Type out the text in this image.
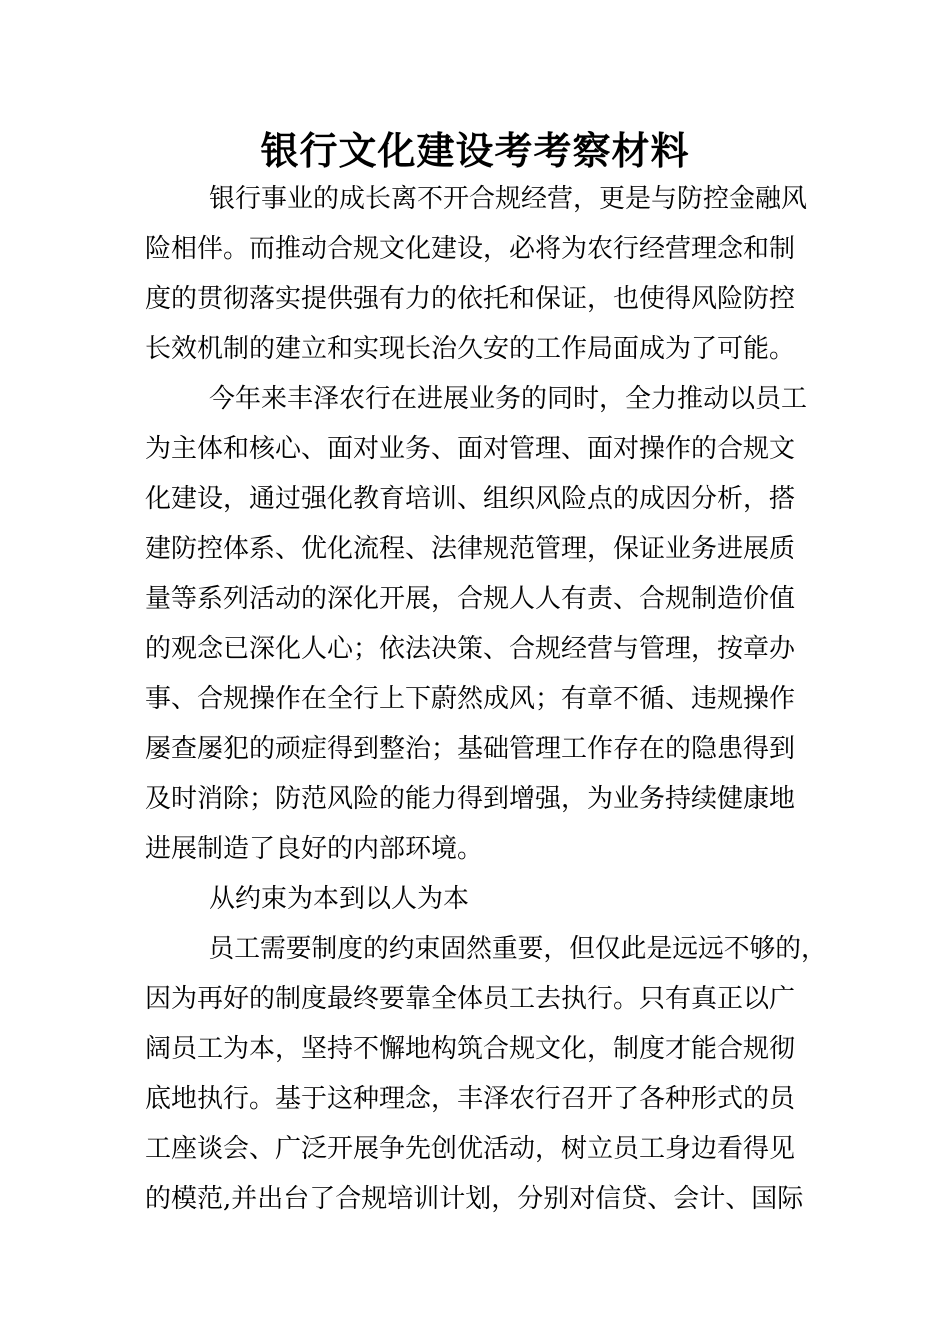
银行文化建设考考察材料
银行事业的成长离不开合规经营，更是与防控金融风
险相伴。而推动合规文化建设，必将为农行经营理念和制
度的贯彻落实提供强有力的依托和保证，也使得风险防控
长效机制的建立和实现长治久安的工作局面成为了可能。
今年来丰泽农行在进展业务的同时，全力推动以员工
为主体和核心、面对业务、面对管理、面对操作的合规文
化建设，通过强化教育培训、组织风险点的成因分析，搭
建防控体系、优化流程、法律规范管理，保证业务进展质
量等系列活动的深化开展，合规人人有责、合规制造价值
的观念已深化人心；依法决策、合规经营与管理，按章办
事、合规操作在全行上下蔚然成风；有章不循、违规操作
屡查屡犯的顽症得到整治；基础管理工作存在的隐患得到
及时消除；防范风险的能力得到增强，为业务持续健康地
进展制造了良好的内部环境。
从约束为本到以人为本
员工需要制度的约束固然重要，但仅此是远远不够的，
因为再好的制度最终要靠全体员工去执行。只有真正以广
阔员工为本，坚持不懈地构筑合规文化，制度才能合规彻
底地执行。基于这种理念，丰泽农行召开了各种形式的员
工座谈会、广泛开展争先创优活动，树立员工身边看得见
的模范,并出台了合规培训计划，分别对信贷、会计、国际
